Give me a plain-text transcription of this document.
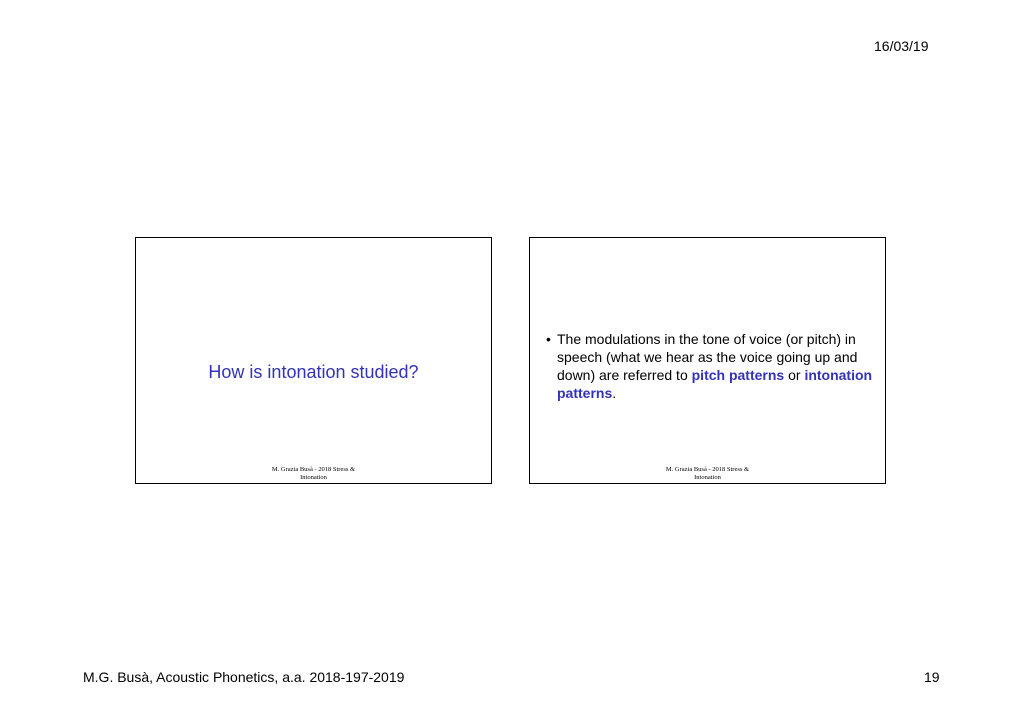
16/03/19
How is intonation studied?
M. Grazia Busà - 2018 Stress &
Intonation
• The modulations in the tone of voice (or pitch) in speech (what we hear as the voice going up and down) are referred to pitch patterns or intonation patterns.
M. Grazia Busà - 2018 Stress &
Intonation
M.G. Busà, Acoustic Phonetics, a.a. 2018-197-2019	19
